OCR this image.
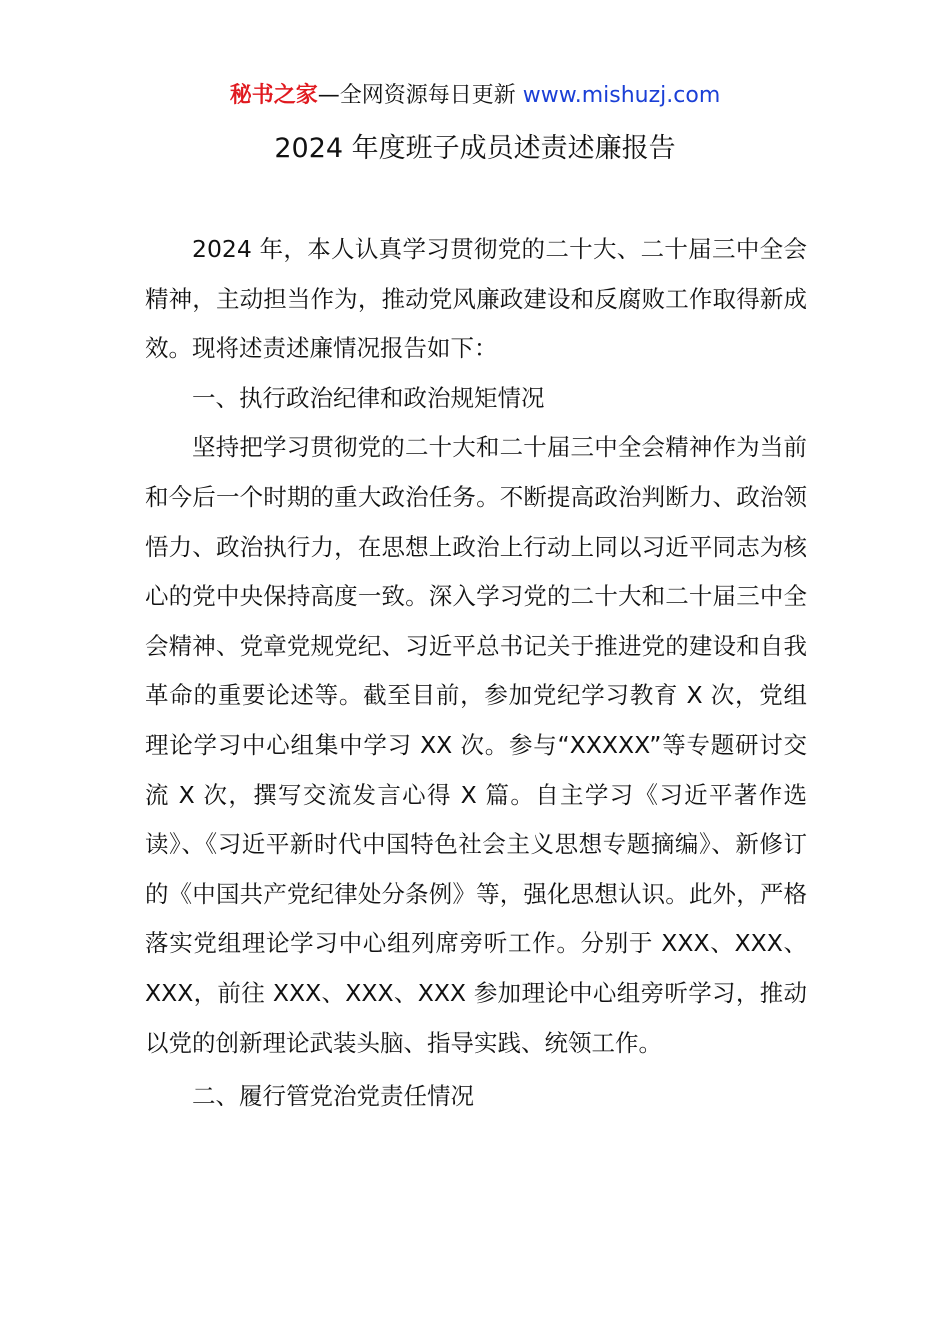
秘书之家—全网资源每日更新 www.mishuzj.com
2024 年度班子成员述责述廉报告

2024 年，本人认真学习贯彻党的二十大、二十届三中全会精神，主动担当作为，推动党风廉政建设和反腐败工作取得新成效。现将述责述廉情况报告如下：

一、执行政治纪律和政治规矩情况

坚持把学习贯彻党的二十大和二十届三中全会精神作为当前和今后一个时期的重大政治任务。不断提高政治判断力、政治领悟力、政治执行力，在思想上政治上行动上同以习近平同志为核心的党中央保持高度一致。深入学习党的二十大和二十届三中全会精神、党章党规党纪、习近平总书记关于推进党的建设和自我革命的重要论述等。截至目前，参加党纪学习教育 X 次，党组理论学习中心组集中学习 XX 次。参与“XXXXX”等专题研讨交流 X 次，撰写交流发言心得 X 篇。自主学习《习近平著作选读》、《习近平新时代中国特色社会主义思想专题摘编》、新修订的《中国共产党纪律处分条例》等，强化思想认识。此外，严格落实党组理论学习中心组列席旁听工作。分别于 XXX、XXX、XXX，前往 XXX、XXX、XXX 参加理论中心组旁听学习，推动以党的创新理论武装头脑、指导实践、统领工作。

二、履行管党治党责任情况
